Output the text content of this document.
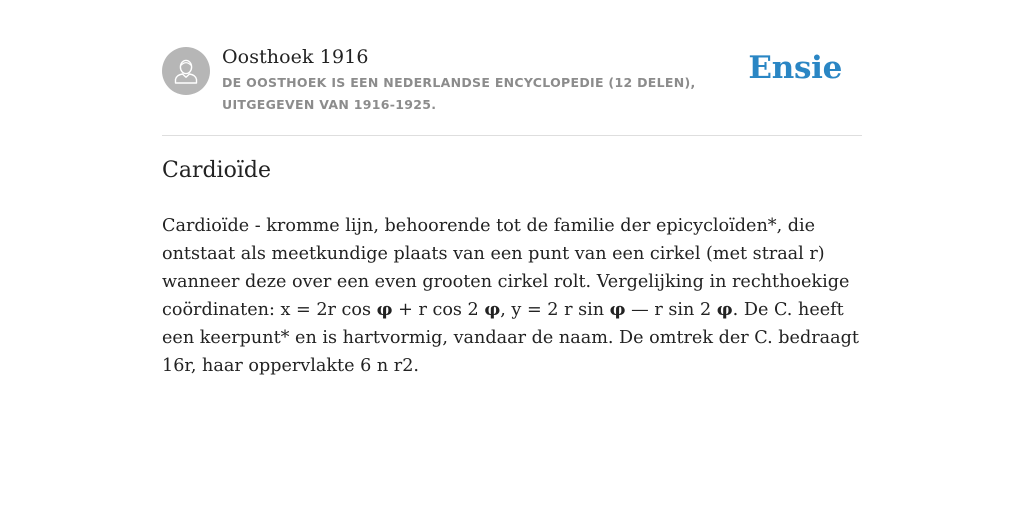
Oosthoek 1916
DE OOSTHOEK IS EEN NEDERLANDSE ENCYCLOPEDIE (12 DELEN), UITGEGEVEN VAN 1916-1925.
Ensie
Cardioïde

Cardioïde - kromme lijn, behoorende tot de familie der epicycloïden*, die ontstaat als meetkundige plaats van een punt van een cirkel (met straal r) wanneer deze over een even grooten cirkel rolt. Vergelijking in rechthoekige coördinaten: x = 2r cos φ + r cos 2 φ, y = 2 r sin φ — r sin 2 φ. De C. heeft een keerpunt* en is hartvormig, vandaar de naam. De omtrek der C. bedraagt 16r, haar oppervlakte 6 n r2.
